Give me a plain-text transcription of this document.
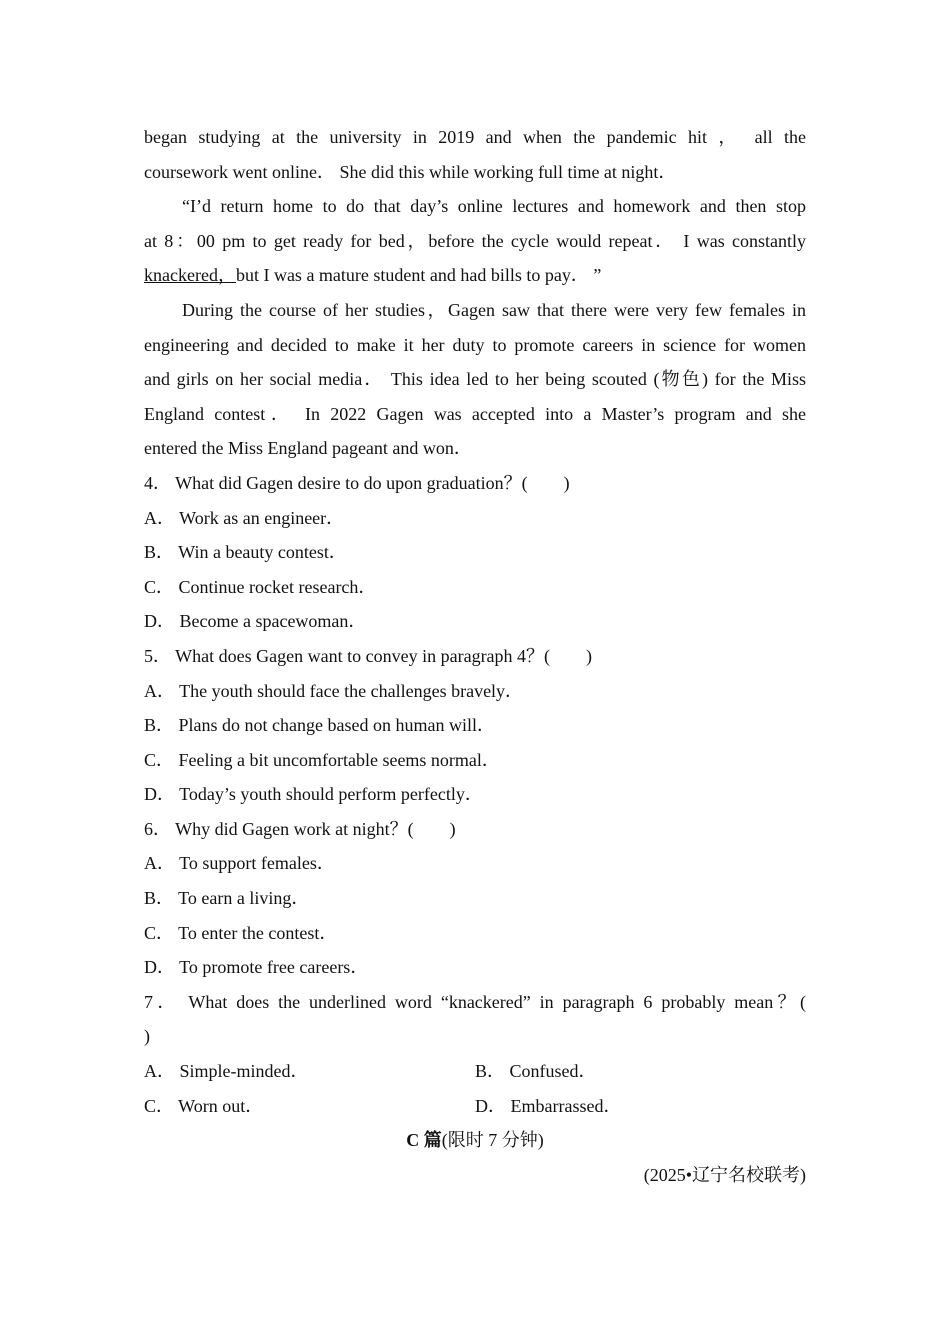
began studying at the university in 2019 and when the pandemic hit ， all the

coursework went online． She did this while working full time at night．

“I’d return home to do that day’s online lectures and homework and then stop

at 8：00 pm to get ready for bed，before the cycle would repeat． I was constantly

knackered，but I was a mature student and had bills to pay． ”

During the course of her studies，Gagen saw that there were very few females in

engineering and decided to make it her duty to promote careers in science for women

and girls on her social media． This idea led to her being scouted (物色) for the Miss

England contest． In 2022 Gagen was accepted into a Master’s program and she

entered the Miss England pageant and won．

4． What did Gagen desire to do upon graduation？(　　)

A． Work as an engineer．

B． Win a beauty contest．

C． Continue rocket research．

D． Become a spacewoman．

5． What does Gagen want to convey in paragraph 4？(　　)

A． The youth should face the challenges bravely．

B． Plans do not change based on human will．

C． Feeling a bit uncomfortable seems normal．

D． Today’s youth should perform perfectly．

6． Why did Gagen work at night？(　　)

A． To support females．

B． To earn a living．

C． To enter the contest．

D． To promote free careers．

7． What does the underlined word “knackered” in paragraph 6 probably mean？(

)

A． Simple-minded．	B． Confused．
C． Worn out．	D． Embarrassed．
C 篇(限时 7 分钟)
(2025•辽宁名校联考)
